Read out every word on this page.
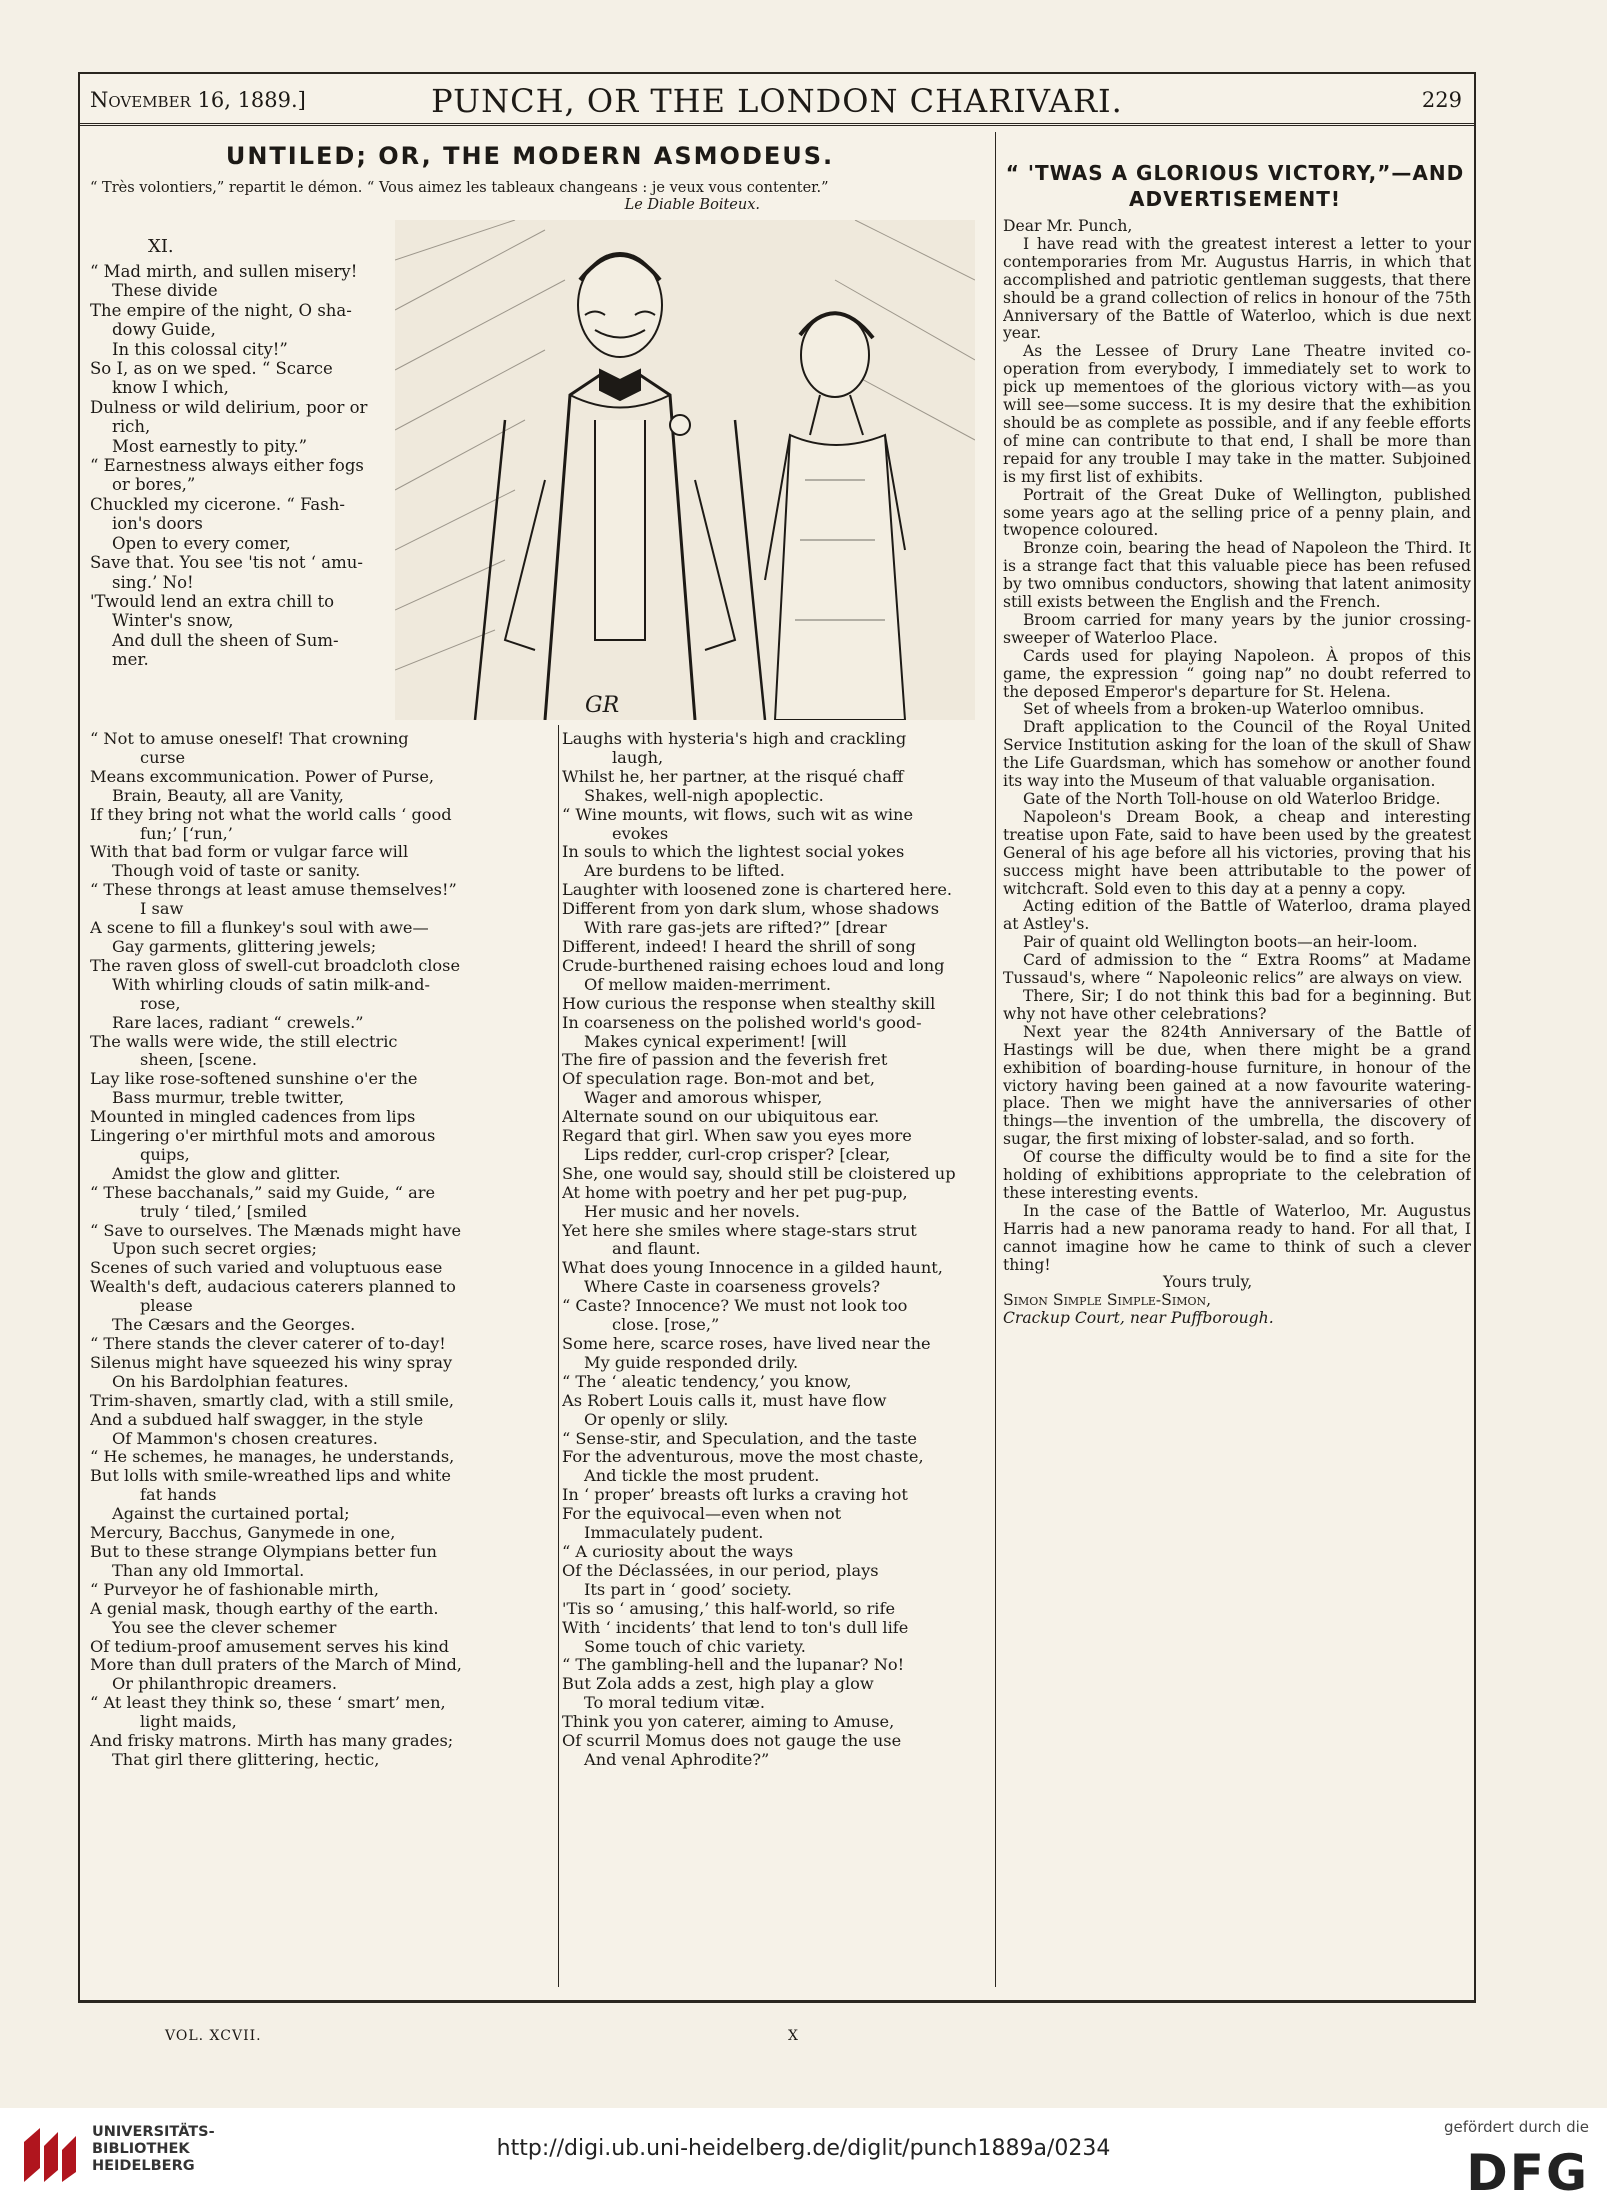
November 16, 1889.]	PUNCH, OR THE LONDON CHARIVARI.	229
UNTILED; OR, THE MODERN ASMODEUS.
“ Très volontiers,” repartit le démon. “ Vous aimez les tableaux changeans : je veux vous contenter.”
Le Diable Boiteux.
XI.
GR

“ Mad mirth, and sullen misery!

These divide

The empire of the night, O sha-

dowy Guide,

In this colossal city!”

So I, as on we sped. “ Scarce

know I which,

Dulness or wild delirium, poor or

rich,

Most earnestly to pity.”

“ Earnestness always either fogs

or bores,”

Chuckled my cicerone. “ Fash-

ion's doors

Open to every comer,

Save that. You see 'tis not ‘ amu-

sing.’ No!

'Twould lend an extra chill to

Winter's snow,

And dull the sheen of Sum-

mer.

“ Not to amuse oneself! That crowning

curse

Means excommunication. Power of Purse,

Brain, Beauty, all are Vanity,

If they bring not what the world calls ‘ good

fun;’ [‘run,’

With that bad form or vulgar farce will

Though void of taste or sanity.

“ These throngs at least amuse themselves!”

I saw

A scene to fill a flunkey's soul with awe—

Gay garments, glittering jewels;

The raven gloss of swell-cut broadcloth close

With whirling clouds of satin milk-and-

rose,

Rare laces, radiant “ crewels.”

The walls were wide, the still electric

sheen, [scene.

Lay like rose-softened sunshine o'er the

Bass murmur, treble twitter,

Mounted in mingled cadences from lips

Lingering o'er mirthful mots and amorous

quips,

Amidst the glow and glitter.

“ These bacchanals,” said my Guide, “ are

truly ‘ tiled,’ [smiled

“ Save to ourselves. The Mænads might have

Upon such secret orgies;

Scenes of such varied and voluptuous ease

Wealth's deft, audacious caterers planned to

please

The Cæsars and the Georges.

“ There stands the clever caterer of to-day!

Silenus might have squeezed his winy spray

On his Bardolphian features.

Trim-shaven, smartly clad, with a still smile,

And a subdued half swagger, in the style

Of Mammon's chosen creatures.

“ He schemes, he manages, he understands,

But lolls with smile-wreathed lips and white

fat hands

Against the curtained portal;

Mercury, Bacchus, Ganymede in one,

But to these strange Olympians better fun

Than any old Immortal.

“ Purveyor he of fashionable mirth,

A genial mask, though earthy of the earth.

You see the clever schemer

Of tedium-proof amusement serves his kind

More than dull praters of the March of Mind,

Or philanthropic dreamers.

“ At least they think so, these ‘ smart’ men,

light maids,

And frisky matrons. Mirth has many grades;

That girl there glittering, hectic,

Laughs with hysteria's high and crackling

laugh,

Whilst he, her partner, at the risqué chaff

Shakes, well-nigh apoplectic.

“ Wine mounts, wit flows, such wit as wine

evokes

In souls to which the lightest social yokes

Are burdens to be lifted.

Laughter with loosened zone is chartered here.

Different from yon dark slum, whose shadows

With rare gas-jets are rifted?” [drear

Different, indeed! I heard the shrill of song

Crude-burthened raising echoes loud and long

Of mellow maiden-merriment.

How curious the response when stealthy skill

In coarseness on the polished world's good-

Makes cynical experiment! [will

The fire of passion and the feverish fret

Of speculation rage. Bon-mot and bet,

Wager and amorous whisper,

Alternate sound on our ubiquitous ear.

Regard that girl. When saw you eyes more

Lips redder, curl-crop crisper? [clear,

She, one would say, should still be cloistered up

At home with poetry and her pet pug-pup,

Her music and her novels.

Yet here she smiles where stage-stars strut

and flaunt.

What does young Innocence in a gilded haunt,

Where Caste in coarseness grovels?

“ Caste? Innocence? We must not look too

close. [rose,”

Some here, scarce roses, have lived near the

My guide responded drily.

“ The ‘ aleatic tendency,’ you know,

As Robert Louis calls it, must have flow

Or openly or slily.

“ Sense-stir, and Speculation, and the taste

For the adventurous, move the most chaste,

And tickle the most prudent.

In ‘ proper’ breasts oft lurks a craving hot

For the equivocal—even when not

Immaculately pudent.

“ A curiosity about the ways

Of the Déclassées, in our period, plays

Its part in ‘ good’ society.

'Tis so ‘ amusing,’ this half-world, so rife

With ‘ incidents’ that lend to ton's dull life

Some touch of chic variety.

“ The gambling-hell and the lupanar? No!

But Zola adds a zest, high play a glow

To moral tedium vitæ.

Think you yon caterer, aiming to Amuse,

Of scurril Momus does not gauge the use

And venal Aphrodite?”

“ 'TWAS A GLORIOUS VICTORY,”—AND
ADVERTISEMENT!

Dear Mr. Punch,

I have read with the greatest interest a letter to your contemporaries from Mr. Augustus Harris, in which that accomplished and patriotic gentleman suggests, that there should be a grand collection of relics in honour of the 75th Anniversary of the Battle of Waterloo, which is due next year.

As the Lessee of Drury Lane Theatre invited co-operation from everybody, I immediately set to work to pick up mementoes of the glorious victory with—as you will see—some success. It is my desire that the exhibition should be as complete as possible, and if any feeble efforts of mine can contribute to that end, I shall be more than repaid for any trouble I may take in the matter. Subjoined is my first list of exhibits.

Portrait of the Great Duke of Wellington, published some years ago at the selling price of a penny plain, and twopence coloured.

Bronze coin, bearing the head of Napoleon the Third. It is a strange fact that this valuable piece has been refused by two omnibus conductors, showing that latent animosity still exists between the English and the French.

Broom carried for many years by the junior crossing-sweeper of Waterloo Place.

Cards used for playing Napoleon. À propos of this game, the expression “ going nap” no doubt referred to the deposed Emperor's departure for St. Helena.

Set of wheels from a broken-up Waterloo omnibus.

Draft application to the Council of the Royal United Service Institution asking for the loan of the skull of Shaw the Life Guardsman, which has somehow or another found its way into the Museum of that valuable organisation.

Gate of the North Toll-house on old Waterloo Bridge.

Napoleon's Dream Book, a cheap and interesting treatise upon Fate, said to have been used by the greatest General of his age before all his victories, proving that his success might have been attributable to the power of witchcraft. Sold even to this day at a penny a copy.

Acting edition of the Battle of Waterloo, drama played at Astley's.

Pair of quaint old Wellington boots—an heir-loom.

Card of admission to the “ Extra Rooms” at Madame Tussaud's, where “ Napoleonic relics” are always on view.

There, Sir; I do not think this bad for a beginning. But why not have other celebrations?

Next year the 824th Anniversary of the Battle of Hastings will be due, when there might be a grand exhibition of boarding-house furniture, in honour of the victory having been gained at a now favourite watering-place. Then we might have the anniversaries of other things—the invention of the umbrella, the discovery of sugar, the first mixing of lobster-salad, and so forth.

Of course the difficulty would be to find a site for the holding of exhibitions appropriate to the celebration of these interesting events.

In the case of the Battle of Waterloo, Mr. Augustus Harris had a new panorama ready to hand. For all that, I cannot imagine how he came to think of such a clever thing!

Yours truly,

Simon Simple Simple-Simon,

Crackup Court, near Puffborough.

VOL. XCVII.	X
UNIVERSITÄTS-
BIBLIOTHEK
HEIDELBERG
http://digi.ub.uni-heidelberg.de/diglit/punch1889a/0234
gefördert durch die
DFG
